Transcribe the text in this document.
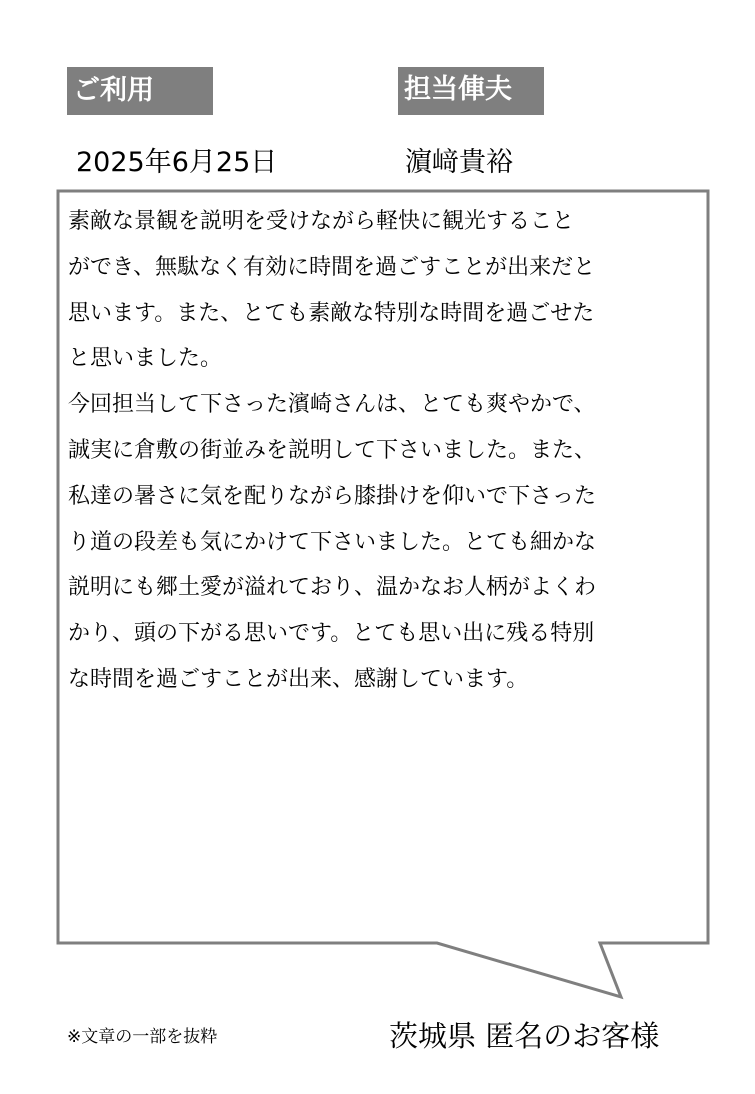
ご利用	担当俥夫
2025年6月25日	濵﨑貴裕
素敵な景観を説明を受けながら軽快に観光すること
ができ、無駄なく有効に時間を過ごすことが出来だと
思います。また、とても素敵な特別な時間を過ごせた
と思いました。
今回担当して下さった濱崎さんは、とても爽やかで、
誠実に倉敷の街並みを説明して下さいました。また、
私達の暑さに気を配りながら膝掛けを仰いで下さった
り道の段差も気にかけて下さいました。とても細かな
説明にも郷土愛が溢れており、温かなお人柄がよくわ
かり、頭の下がる思いです。とても思い出に残る特別
な時間を過ごすことが出来、感謝しています。
※文章の一部を抜粋	茨城県 匿名のお客様
